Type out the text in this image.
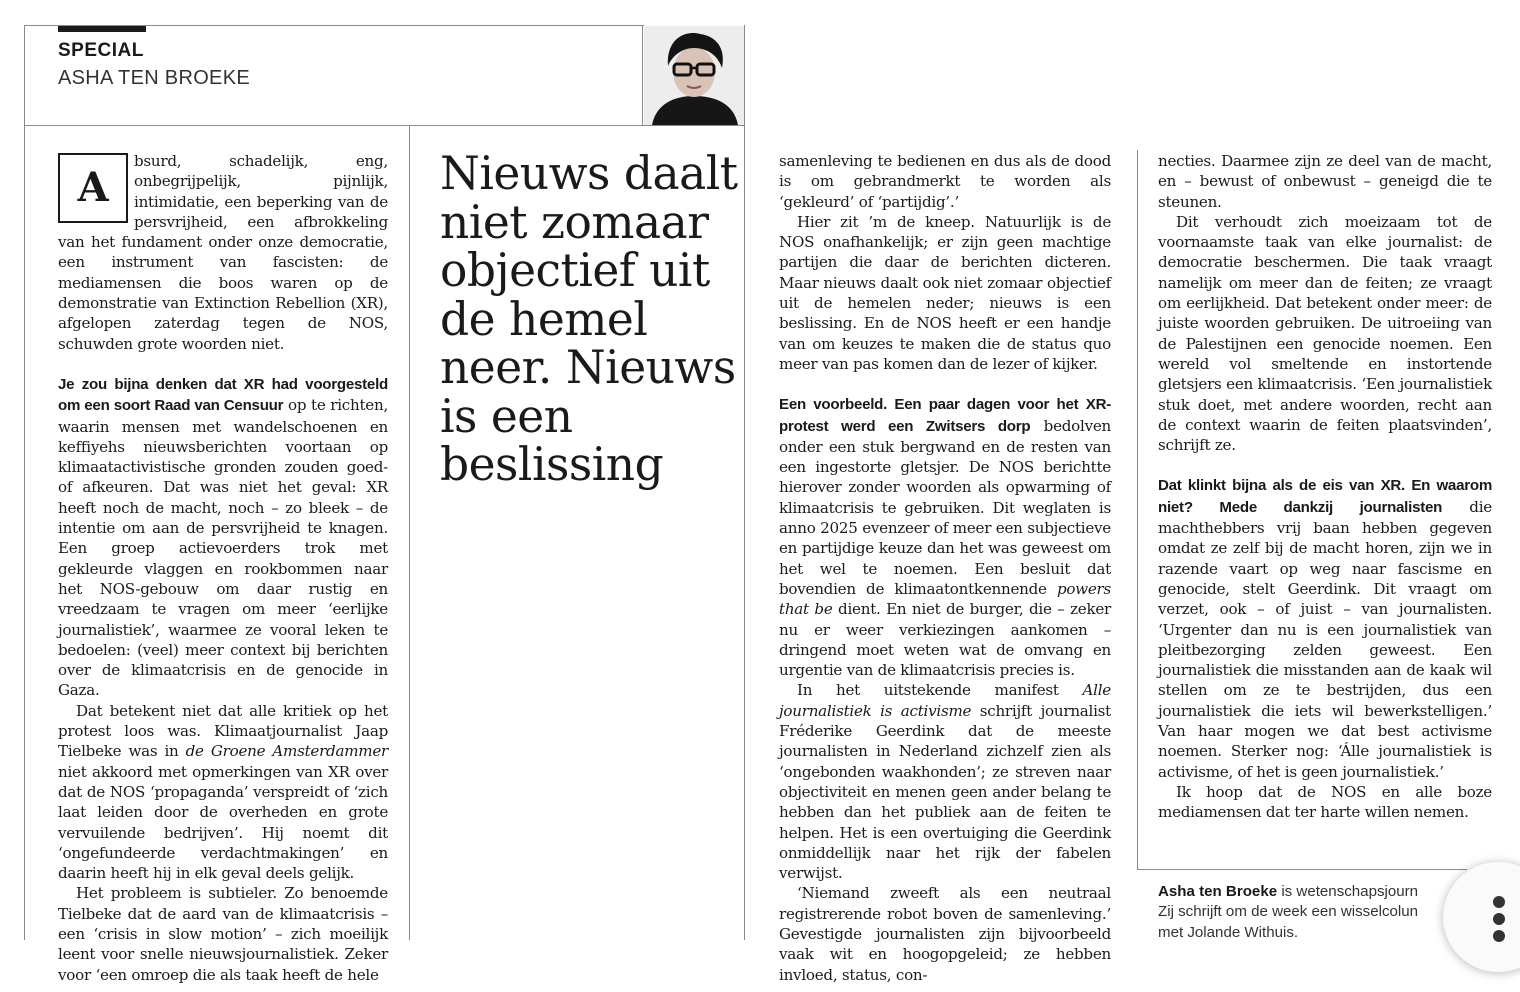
SPECIAL
ASHA TEN BROEKE
A

bsurd, schadelijk, eng, onbegrijpelijk, pijnlijk, intimidatie, een beperking van de persvrijheid, een afbrokkeling van het fundament onder onze democratie, een instrument van fascisten: de mediamensen die boos waren op de demonstratie van Extinction Rebellion (XR), afgelopen zaterdag tegen de NOS, schuwden grote woorden niet.

Je zou bijna denken dat XR had voorgesteld om een soort Raad van Censuur op te richten, waarin mensen met wandelschoenen en keffiyehs nieuwsberichten voortaan op klimaatactivistische gronden zouden goed- of afkeuren. Dat was niet het geval: XR heeft noch de macht, noch – zo bleek – de intentie om aan de persvrijheid te knagen. Een groep actievoerders trok met gekleurde vlaggen en rookbommen naar het NOS-gebouw om daar rustig en vreedzaam te vragen om meer ‘eerlijke journalistiek’, waarmee ze vooral leken te bedoelen: (veel) meer context bij berichten over de klimaatcrisis en de genocide in Gaza.

Dat betekent niet dat alle kritiek op het protest loos was. Klimaatjournalist Jaap Tielbeke was in de Groene Amsterdammer niet akkoord met opmerkingen van XR over dat de NOS ‘propaganda’ verspreidt of ‘zich laat leiden door de overheden en grote vervuilende bedrijven’. Hij noemt dit ‘ongefundeerde verdachtmakingen’ en daarin heeft hij in elk geval deels gelijk.

Het probleem is subtieler. Zo benoemde Tielbeke dat de aard van de klimaatcrisis – een ‘crisis in slow motion’ – zich moeilijk leent voor snelle nieuwsjournalistiek. Zeker voor ‘een omroep die als taak heeft de hele

Nieuws daalt niet zomaar objectief uit de hemel neer. Nieuws is een beslissing

samenleving te bedienen en dus als de dood is om gebrandmerkt te worden als ‘gekleurd’ of ‘partijdig’.’

Hier zit ’m de kneep. Natuurlijk is de NOS onafhankelijk; er zijn geen machtige partijen die daar de berichten dicteren. Maar nieuws daalt ook niet zomaar objectief uit de hemelen neder; nieuws is een beslissing. En de NOS heeft er een handje van om keuzes te maken die de status quo meer van pas komen dan de lezer of kijker.

Een voorbeeld. Een paar dagen voor het XR-protest werd een Zwitsers dorp bedolven onder een stuk bergwand en de resten van een ingestorte gletsjer. De NOS berichtte hierover zonder woorden als opwarming of klimaatcrisis te gebruiken. Dit weglaten is anno 2025 evenzeer of meer een subjectieve en partijdige keuze dan het was geweest om het wel te noemen. Een besluit dat bovendien de klimaatontkennende powers that be dient. En niet de burger, die – zeker nu er weer verkiezingen aankomen – dringend moet weten wat de omvang en urgentie van de klimaatcrisis precies is.

In het uitstekende manifest Alle journalistiek is activisme schrijft journalist Fréderike Geerdink dat de meeste journalisten in Nederland zichzelf zien als ‘ongebonden waakhonden’; ze streven naar objectiviteit en menen geen ander belang te hebben dan het publiek aan de feiten te helpen. Het is een overtuiging die Geerdink onmiddellijk naar het rijk der fabelen verwijst.

‘Niemand zweeft als een neutraal registrerende robot boven de samenleving.’ Gevestigde journalisten zijn bijvoorbeeld vaak wit en hoogopgeleid; ze hebben invloed, status, con-

necties. Daarmee zijn ze deel van de macht, en – bewust of onbewust – geneigd die te steunen.

Dit verhoudt zich moeizaam tot de voornaamste taak van elke journalist: de democratie beschermen. Die taak vraagt namelijk om meer dan de feiten; ze vraagt om eerlijkheid. Dat betekent onder meer: de juiste woorden gebruiken. De uitroeiing van de Palestijnen een genocide noemen. Een wereld vol smeltende en instortende gletsjers een klimaatcrisis. ‘Een journalistiek stuk doet, met andere woorden, recht aan de context waarin de feiten plaatsvinden’, schrijft ze.

Dat klinkt bijna als de eis van XR. En waarom niet? Mede dankzij journalisten die machthebbers vrij baan hebben gegeven omdat ze zelf bij de macht horen, zijn we in razende vaart op weg naar fascisme en genocide, stelt Geerdink. Dit vraagt om verzet, ook – of juist – van journalisten. ‘Urgenter dan nu is een journalistiek van pleitbezorging zelden geweest. Een journalistiek die misstanden aan de kaak wil stellen om ze te bestrijden, dus een journalistiek die iets wil bewerkstelligen.’ Van haar mogen we dat best activisme noemen. Sterker nog: ‘Álle journalistiek is activisme, of het is geen journalistiek.’

Ik hoop dat de NOS en alle boze mediamensen dat ter harte willen nemen.

Asha ten Broeke is wetenschapsjourn
Zij schrijft om de week een wisselcolun
met Jolande Withuis.
